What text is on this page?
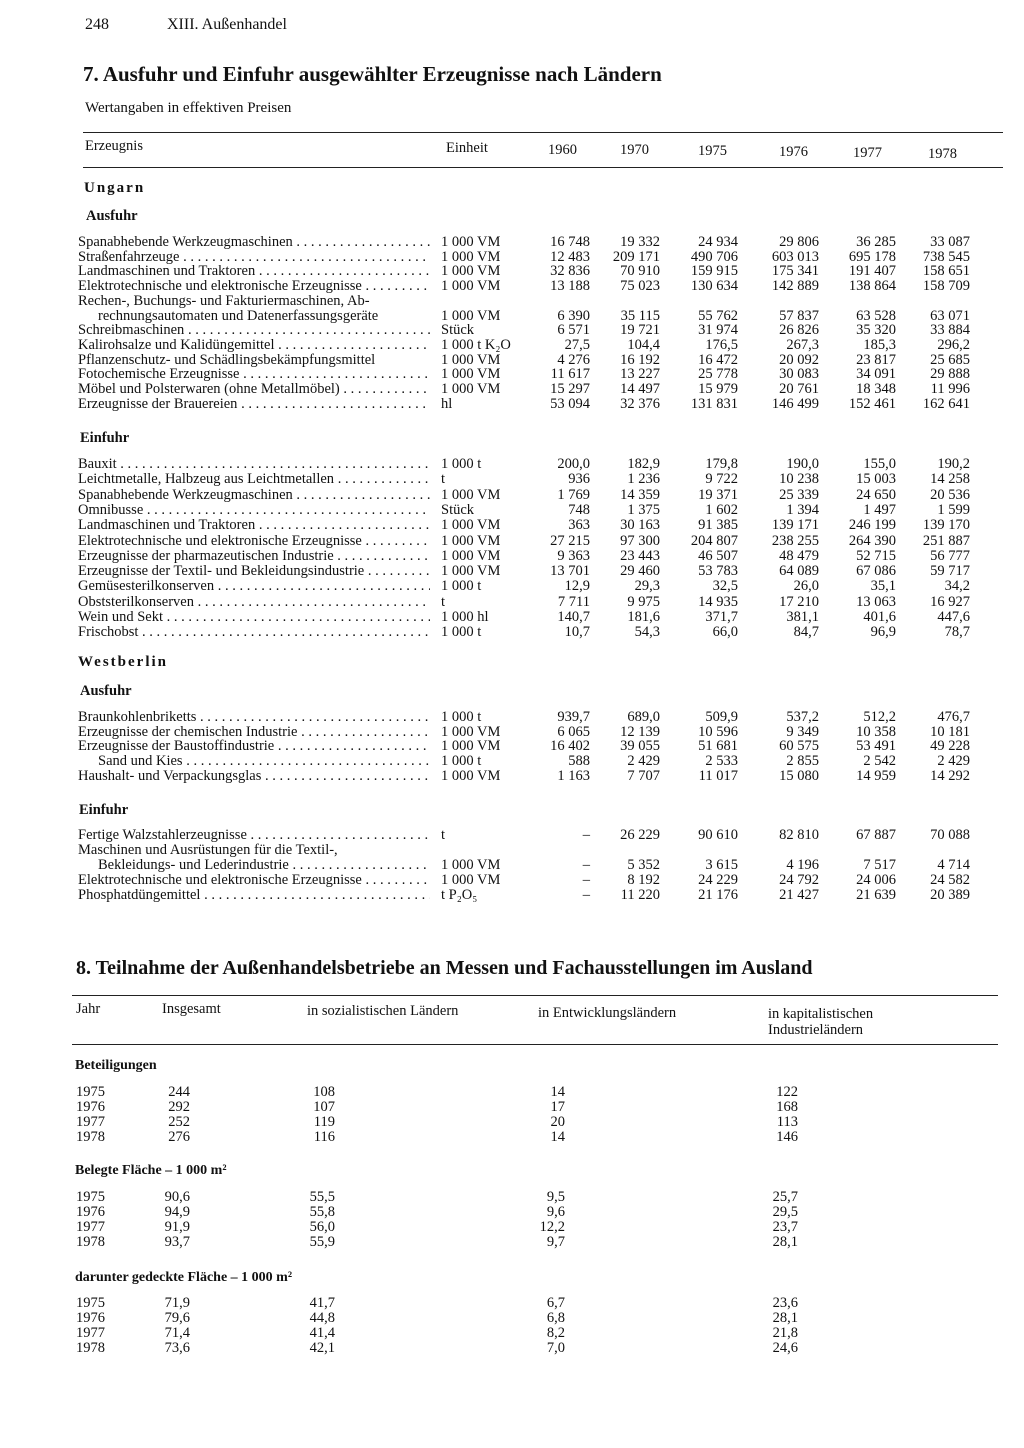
248	XIII. Außenhandel
7. Ausfuhr und Einfuhr ausgewählter Erzeugnisse nach Ländern
Wertangaben in effektiven Preisen
Erzeugnis	Einheit	1960	1970	1975	1976	1977	1978
Ungarn
Ausfuhr
Spanabhebende Werkzeugmaschinen . . .	1 000 VM	16 748	19 332	24 934	29 806	36 285	33 087
Straßenfahrzeuge . . .	1 000 VM	12 483	209 171	490 706	603 013	695 178	738 545
Landmaschinen und Traktoren . . .	1 000 VM	32 836	70 910	159 915	175 341	191 407	158 651
Elektrotechnische und elektronische Erzeugnisse . . .	1 000 VM	13 188	75 023	130 634	142 889	138 864	158 709
Rechen-, Buchungs- und Fakturiermaschinen, Ab-
rechnungsautomaten und Datenerfassungsgeräte	1 000 VM	6 390	35 115	55 762	57 837	63 528	63 071
Schreibmaschinen . . .	Stück	6 571	19 721	31 974	26 826	35 320	33 884
Kalirohsalze und Kalidüngemittel . . .	1 000 t K₂O	27,5	104,4	176,5	267,3	185,3	296,2
Pflanzenschutz- und Schädlingsbekämpfungsmittel	1 000 VM	4 276	16 192	16 472	20 092	23 817	25 685
Fotochemische Erzeugnisse . . .	1 000 VM	11 617	13 227	25 778	30 083	34 091	29 888
Möbel und Polsterwaren (ohne Metallmöbel) . . .	1 000 VM	15 297	14 497	15 979	20 761	18 348	11 996
Erzeugnisse der Brauereien . . .	hl	53 094	32 376	131 831	146 499	152 461	162 641
Einfuhr
Bauxit . . .	1 000 t	200,0	182,9	179,8	190,0	155,0	190,2
Leichtmetalle, Halbzeug aus Leichtmetallen . . .	t	936	1 236	9 722	10 238	15 003	14 258
Spanabhebende Werkzeugmaschinen . . .	1 000 VM	1 769	14 359	19 371	25 339	24 650	20 536
Omnibusse . . .	Stück	748	1 375	1 602	1 394	1 497	1 599
Landmaschinen und Traktoren . . .	1 000 VM	363	30 163	91 385	139 171	246 199	139 170
Elektrotechnische und elektronische Erzeugnisse . . .	1 000 VM	27 215	97 300	204 807	238 255	264 390	251 887
Erzeugnisse der pharmazeutischen Industrie . . .	1 000 VM	9 363	23 443	46 507	48 479	52 715	56 777
Erzeugnisse der Textil- und Bekleidungsindustrie . . .	1 000 VM	13 701	29 460	53 783	64 089	67 086	59 717
Gemüsesterilkonserven . . .	1 000 t	12,9	29,3	32,5	26,0	35,1	34,2
Obststerilkonserven . . .	t	7 711	9 975	14 935	17 210	13 063	16 927
Wein und Sekt . . .	1 000 hl	140,7	181,6	371,7	381,1	401,6	447,6
Frischobst . . .	1 000 t	10,7	54,3	66,0	84,7	96,9	78,7
Westberlin
Ausfuhr
Braunkohlenbriketts . . .	1 000 t	939,7	689,0	509,9	537,2	512,2	476,7
Erzeugnisse der chemischen Industrie . . .	1 000 VM	6 065	12 139	10 596	9 349	10 358	10 181
Erzeugnisse der Baustoffindustrie . . .	1 000 VM	16 402	39 055	51 681	60 575	53 491	49 228
Sand und Kies . . .	1 000 t	588	2 429	2 533	2 855	2 542	2 429
Haushalt- und Verpackungsglas . . .	1 000 VM	1 163	7 707	11 017	15 080	14 959	14 292
Einfuhr
Fertige Walzstahlerzeugnisse . . .	t	–	26 229	90 610	82 810	67 887	70 088
Maschinen und Ausrüstungen für die Textil-,
Bekleidungs- und Lederindustrie . . .	1 000 VM	–	5 352	3 615	4 196	7 517	4 714
Elektrotechnische und elektronische Erzeugnisse . . .	1 000 VM	–	8 192	24 229	24 792	24 006	24 582
Phosphatdüngemittel . . .	t P₂O₅	–	11 220	21 176	21 427	21 639	20 389
8. Teilnahme der Außenhandelsbetriebe an Messen und Fachausstellungen im Ausland
Jahr	Insgesamt	in sozialistischen Ländern	in Entwicklungsländern	in kapitalistischen Industrieländern
Beteiligungen
1975	244	108	14	122
1976	292	107	17	168
1977	252	119	20	113
1978	276	116	14	146
Belegte Fläche – 1 000 m²
1975	90,6	55,5	9,5	25,7
1976	94,9	55,8	9,6	29,5
1977	91,9	56,0	12,2	23,7
1978	93,7	55,9	9,7	28,1
darunter gedeckte Fläche – 1 000 m²
1975	71,9	41,7	6,7	23,6
1976	79,6	44,8	6,8	28,1
1977	71,4	41,4	8,2	21,8
1978	73,6	42,1	7,0	24,6
